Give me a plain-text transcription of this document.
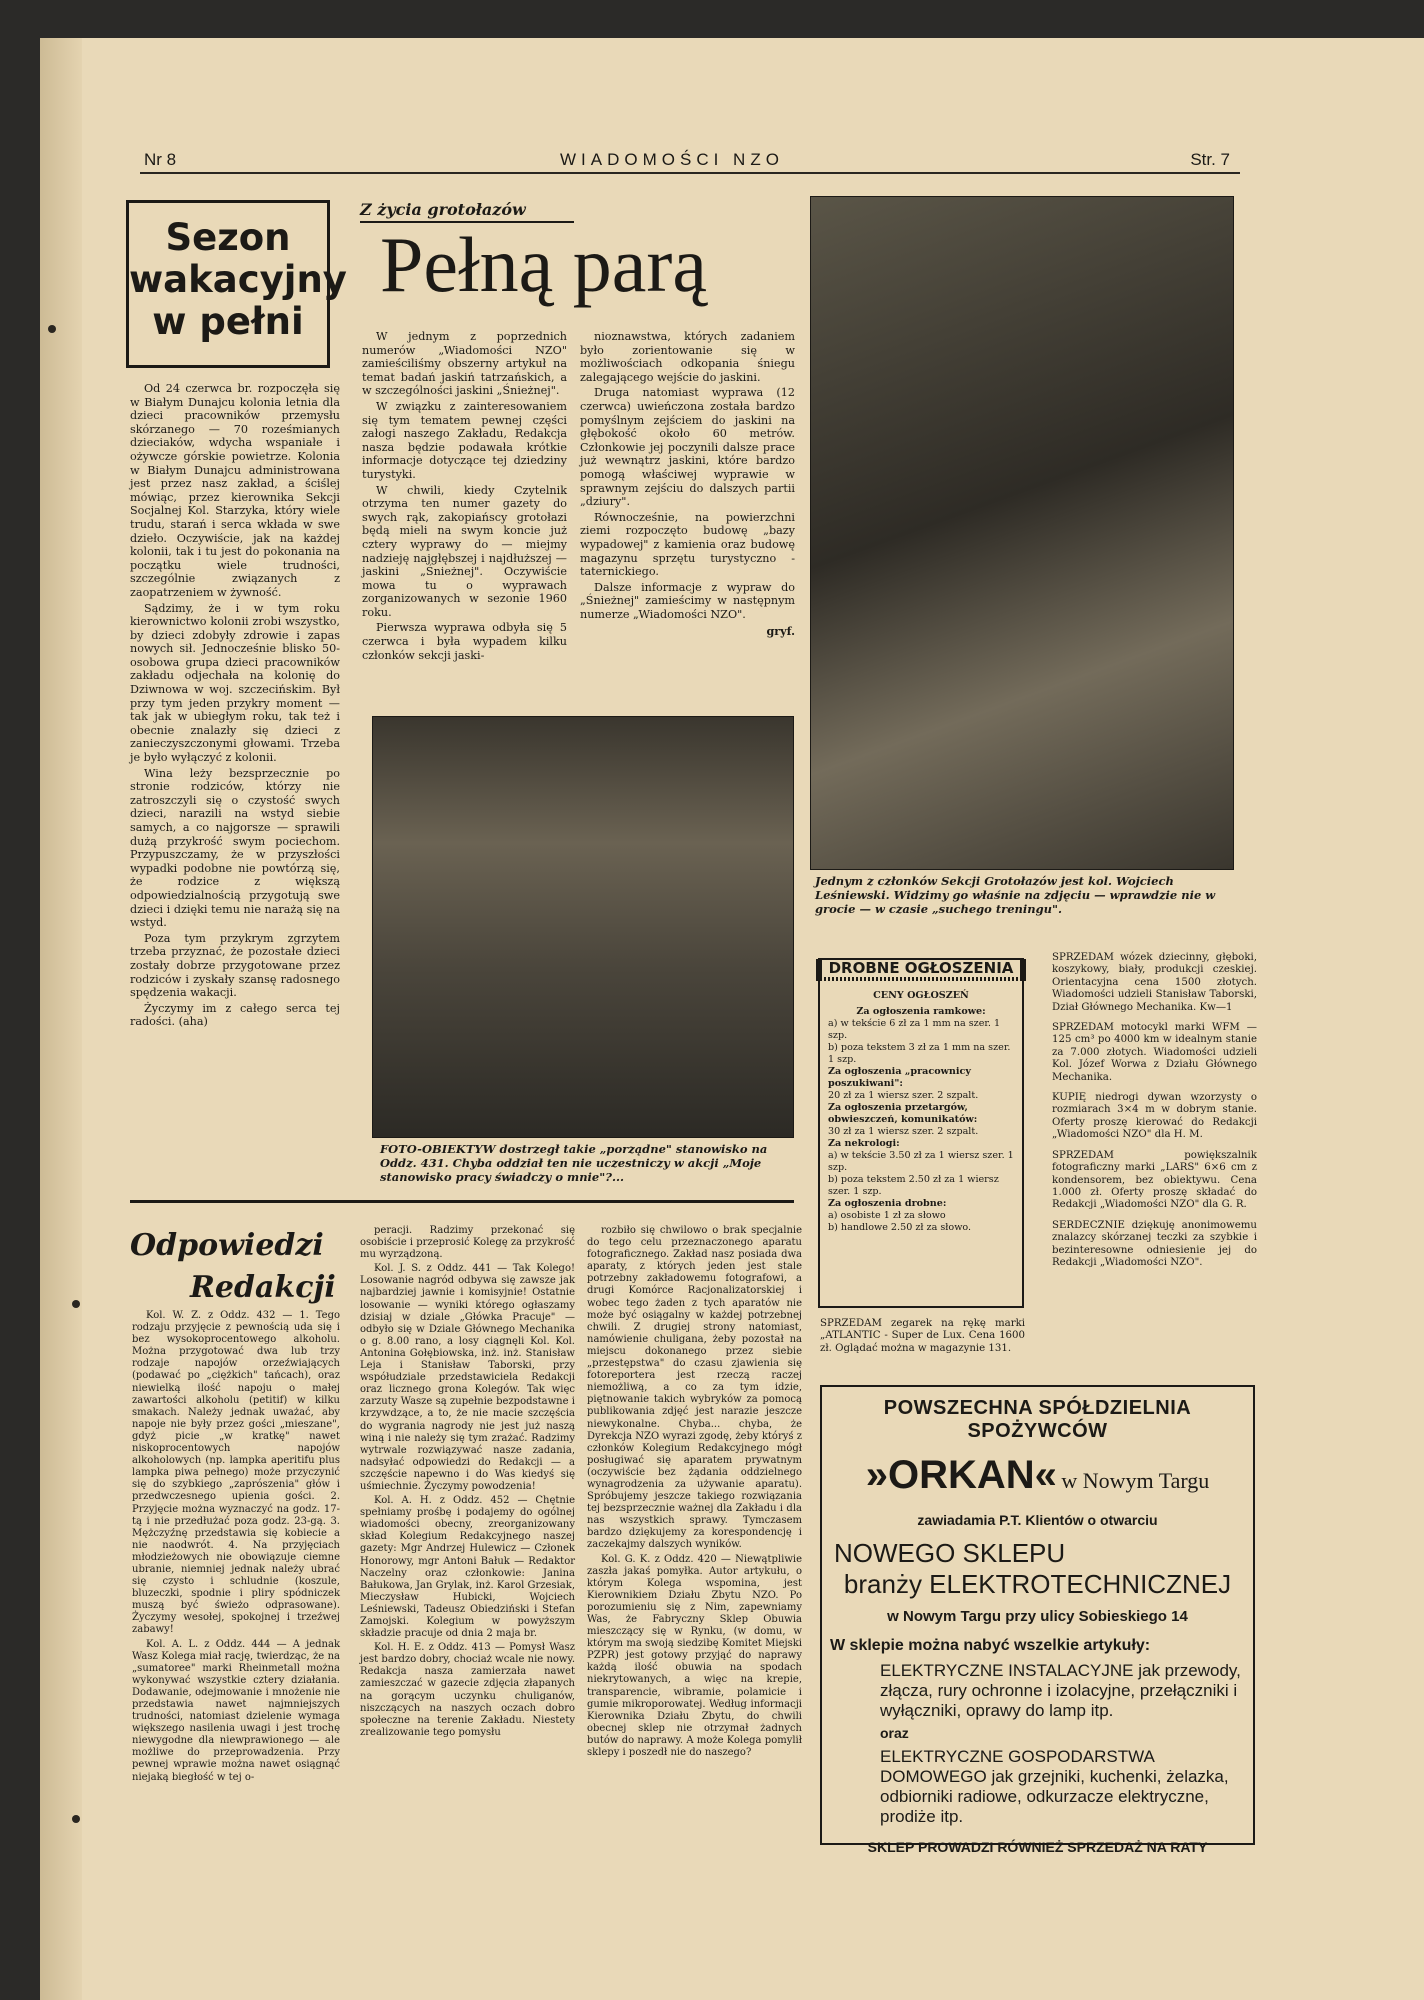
Nr 8	WIADOMOŚCI NZO	Str. 7
Sezon
wakacyjny
w pełni

Od 24 czerwca br. rozpoczęła się w Białym Dunajcu kolonia letnia dla dzieci pracowników przemysłu skórzanego — 70 roześmianych dzieciaków, wdycha wspaniałe i ożywcze górskie powietrze. Kolonia w Białym Dunajcu administrowana jest przez nasz zakład, a ściślej mówiąc, przez kierownika Sekcji Socjalnej Kol. Starzyka, który wiele trudu, starań i serca wkłada w swe dzieło. Oczywiście, jak na każdej kolonii, tak i tu jest do pokonania na początku wiele trudności, szczególnie związanych z zaopatrzeniem w żywność.

Sądzimy, że i w tym roku kierownictwo kolonii zrobi wszystko, by dzieci zdobyły zdrowie i zapas nowych sił. Jednocześnie blisko 50-osobowa grupa dzieci pracowników zakładu odjechała na kolonię do Dziwnowa w woj. szczecińskim. Był przy tym jeden przykry moment — tak jak w ubiegłym roku, tak też i obecnie znalazły się dzieci z zanieczyszczonymi głowami. Trzeba je było wyłączyć z kolonii.

Wina leży bezsprzecznie po stronie rodziców, którzy nie zatroszczyli się o czystość swych dzieci, narazili na wstyd siebie samych, a co najgorsze — sprawili dużą przykrość swym pociechom. Przypuszczamy, że w przyszłości wypadki podobne nie powtórzą się, że rodzice z większą odpowiedzialnością przygotują swe dzieci i dzięki temu nie narażą się na wstyd.

Poza tym przykrym zgrzytem trzeba przyznać, że pozostałe dzieci zostały dobrze przygotowane przez rodziców i zyskały szansę radosnego spędzenia wakacji.

Życzymy im z całego serca tej radości. (aha)

Z życia grotołazów
Pełną parą

W jednym z poprzednich numerów „Wiadomości NZO" zamieściliśmy obszerny artykuł na temat badań jaskiń tatrzańskich, a w szczególności jaskini „Śnieżnej".

W związku z zainteresowaniem się tym tematem pewnej części załogi naszego Zakładu, Redakcja nasza będzie podawała krótkie informacje dotyczące tej dziedziny turystyki.

W chwili, kiedy Czytelnik otrzyma ten numer gazety do swych rąk, zakopiańscy grotołazi będą mieli na swym koncie już cztery wyprawy do — miejmy nadzieję najgłębszej i najdłuższej — jaskini „Śnieżnej". Oczywiście mowa tu o wyprawach zorganizowanych w sezonie 1960 roku.

Pierwsza wyprawa odbyła się 5 czerwca i była wypadem kilku członków sekcji jaski-

nioznawstwa, których zadaniem było zorientowanie się w możliwościach odkopania śniegu zalegającego wejście do jaskini.

Druga natomiast wyprawa (12 czerwca) uwieńczona została bardzo pomyślnym zejściem do jaskini na głębokość około 60 metrów. Członkowie jej poczynili dalsze prace już wewnątrz jaskini, które bardzo pomogą właściwej wyprawie w sprawnym zejściu do dalszych partii „dziury".

Równocześnie, na powierzchni ziemi rozpoczęto budowę „bazy wypadowej" z kamienia oraz budowę magazynu sprzętu turystyczno - taternickiego.

Dalsze informacje z wypraw do „Śnieżnej" zamieścimy w następnym numerze „Wiadomości NZO".

gryf.
Jednym z członków Sekcji Grotołazów jest kol. Wojciech Leśniewski. Widzimy go właśnie na zdjęciu — wprawdzie nie w grocie — w czasie „suchego treningu".
FOTO-OBIEKTYW dostrzegł takie „porządne" stanowisko na Oddz. 431. Chyba oddział ten nie uczestniczy w akcji „Moje stanowisko pracy świadczy o mnie"?...
Odpowiedzi
Redakcji

Kol. W. Z. z Oddz. 432 — 1. Tego rodzaju przyjęcie z pewnością uda się i bez wysokoprocentowego alkoholu. Można przygotować dwa lub trzy rodzaje napojów orzeźwiających (podawać po „ciężkich" tańcach), oraz niewielką ilość napoju o małej zawartości alkoholu (petitif) w kilku smakach. Należy jednak uważać, aby napoje nie były przez gości „mieszane", gdyż picie „w kratkę" nawet niskoprocentowych napojów alkoholowych (np. lampka aperitifu plus lampka piwa pełnego) może przyczynić się do szybkiego „zaprószenia" głów i przedwczesnego upienia gości. 2. Przyjęcie można wyznaczyć na godz. 17-tą i nie przedłużać poza godz. 23-gą. 3. Mężczyźnę przedstawia się kobiecie a nie naodwrót. 4. Na przyjęciach młodzieżowych nie obowiązuje ciemne ubranie, niemniej jednak należy ubrać się czysto i schludnie (koszule, bluzeczki, spodnie i pliry spódniczek muszą być świeżo odprasowane). Życzymy wesołej, spokojnej i trzeźwej zabawy!

Kol. A. L. z Oddz. 444 — A jednak Wasz Kolega miał rację, twierdząc, że na „sumatoree" marki Rheinmetall można wykonywać wszystkie cztery działania. Dodawanie, odejmowanie i mnożenie nie przedstawia nawet najmniejszych trudności, natomiast dzielenie wymaga większego nasilenia uwagi i jest trochę niewygodne dla niewprawionego — ale możliwe do przeprowadzenia. Przy pewnej wprawie można nawet osiągnąć niejaką biegłość w tej o-

peracji. Radzimy przekonać się osobiście i przeprosić Kolegę za przykrość mu wyrządzoną.

Kol. J. S. z Oddz. 441 — Tak Kolego! Losowanie nagród odbywa się zawsze jak najbardziej jawnie i komisyjnie! Ostatnie losowanie — wyniki którego ogłaszamy dzisiaj w dziale „Główka Pracuje" — odbyło się w Dziale Głównego Mechanika o g. 8.00 rano, a losy ciągnęli Kol. Kol. Antonina Gołębiowska, inż. inż. Stanisław Leja i Stanisław Taborski, przy współudziale przedstawiciela Redakcji oraz licznego grona Kolegów. Tak więc zarzuty Wasze są zupełnie bezpodstawne i krzywdzące, a to, że nie macie szczęścia do wygrania nagrody nie jest już naszą winą i nie należy się tym zrażać. Radzimy wytrwale rozwiązywać nasze zadania, nadsyłać odpowiedzi do Redakcji — a szczęście napewno i do Was kiedyś się uśmiechnie. Życzymy powodzenia!

Kol. A. H. z Oddz. 452 — Chętnie spełniamy prośbę i podajemy do ogólnej wiadomości obecny, zreorganizowany skład Kolegium Redakcyjnego naszej gazety: Mgr Andrzej Hulewicz — Członek Honorowy, mgr Antoni Bałuk — Redaktor Naczelny oraz członkowie: Janina Bałukowa, Jan Grylak, inż. Karol Grzesiak, Mieczysław Hubicki, Wojciech Leśniewski, Tadeusz Obiedziński i Stefan Zamojski. Kolegium w powyższym składzie pracuje od dnia 2 maja br.

Kol. H. E. z Oddz. 413 — Pomysł Wasz jest bardzo dobry, chociaż wcale nie nowy. Redakcja nasza zamierzała nawet zamieszczać w gazecie zdjęcia złapanych na gorącym uczynku chuliganów, niszczących na naszych oczach dobro społeczne na terenie Zakładu. Niestety zrealizowanie tego pomysłu

rozbiło się chwilowo o brak specjalnie do tego celu przeznaczonego aparatu fotograficznego. Zakład nasz posiada dwa aparaty, z których jeden jest stale potrzebny zakładowemu fotografowi, a drugi Komórce Racjonalizatorskiej i wobec tego żaden z tych aparatów nie może być osiągalny w każdej potrzebnej chwili. Z drugiej strony natomiast, namówienie chuligana, żeby pozostał na miejscu dokonanego przez siebie „przestępstwa" do czasu zjawienia się fotoreportera jest rzeczą raczej niemożliwą, a co za tym idzie, piętnowanie takich wybryków za pomocą publikowania zdjęć jest narazie jeszcze niewykonalne. Chyba... chyba, że Dyrekcja NZO wyrazi zgodę, żeby któryś z członków Kolegium Redakcyjnego mógł posługiwać się aparatem prywatnym (oczywiście bez żądania oddzielnego wynagrodzenia za używanie aparatu). Spróbujemy jeszcze takiego rozwiązania tej bezsprzecznie ważnej dla Zakładu i dla nas wszystkich sprawy. Tymczasem bardzo dziękujemy za korespondencję i zaczekajmy dalszych wyników.

Kol. G. K. z Oddz. 420 — Niewątpliwie zaszła jakaś pomyłka. Autor artykułu, o którym Kolega wspomina, jest Kierownikiem Działu Zbytu NZO. Po porozumieniu się z Nim, zapewniamy Was, że Fabryczny Sklep Obuwia mieszczący się w Rynku, (w domu, w którym ma swoją siedzibę Komitet Miejski PZPR) jest gotowy przyjąć do naprawy każdą ilość obuwia na spodach niekrytowanych, a więc na krepie, transparencie, wibramie, polamicie i gumie mikroporowatej. Według informacji Kierownika Działu Zbytu, do chwili obecnej sklep nie otrzymał żadnych butów do naprawy. A może Kolega pomylił sklepy i poszedł nie do naszego?

DROBNE OGŁOSZENIA
CENY OGŁOSZEŃ
Za ogłoszenia ramkowe:
a) w tekście 6 zł za 1 mm na szer. 1 szp.
b) poza tekstem 3 zł za 1 mm na szer. 1 szp.
Za ogłoszenia „pracownicy poszukiwani":
20 zł za 1 wiersz szer. 2 szpalt.
Za ogłoszenia przetargów, obwieszczeń, komunikatów:
30 zł za 1 wiersz szer. 2 szpalt.
Za nekrologi:
a) w tekście 3.50 zł za 1 wiersz szer. 1 szp.
b) poza tekstem 2.50 zł za 1 wiersz szer. 1 szp.
Za ogłoszenia drobne:
a) osobiste 1 zł za słowo
b) handlowe 2.50 zł za słowo.
SPRZEDAM zegarek na rękę marki „ATLANTIC - Super de Lux. Cena 1600 zł. Oglądać można w magazynie 131.
SPRZEDAM wózek dziecinny, głęboki, koszykowy, biały, produkcji czeskiej. Orientacyjna cena 1500 złotych. Wiadomości udzieli Stanisław Taborski, Dział Głównego Mechanika. Kw—1
SPRZEDAM motocykl marki WFM — 125 cm³ po 4000 km w idealnym stanie za 7.000 złotych. Wiadomości udzieli Kol. Józef Worwa z Działu Głównego Mechanika.
KUPIĘ niedrogi dywan wzorzysty o rozmiarach 3×4 m w dobrym stanie. Oferty proszę kierować do Redakcji „Wiadomości NZO" dla H. M.
SPRZEDAM powiększalnik fotograficzny marki „LARS" 6×6 cm z kondensorem, bez obiektywu. Cena 1.000 zł. Oferty proszę składać do Redakcji „Wiadomości NZO" dla G. R.
SERDECZNIE dziękuję anonimowemu znalazcy skórzanej teczki za szybkie i bezinteresowne odniesienie jej do Redakcji „Wiadomości NZO".
POWSZECHNA SPÓŁDZIELNIA SPOŻYWCÓW
»ORKAN« w Nowym Targu
zawiadamia P.T. Klientów o otwarciu
NOWEGO SKLEPU
branży ELEKTROTECHNICZNEJ
w Nowym Targu przy ulicy Sobieskiego 14
W sklepie można nabyć wszelkie artykuły:
ELEKTRYCZNE INSTALACYJNE jak przewody, złącza, rury ochronne i izolacyjne, przełączniki i wyłączniki, oprawy do lamp itp.
oraz
ELEKTRYCZNE GOSPODARSTWA DOMOWEGO jak grzejniki, kuchenki, żelazka, odbiorniki radiowe, odkurzacze elektryczne, prodiże itp.
SKLEP PROWADZI RÓWNIEŻ SPRZEDAŻ NA RATY
